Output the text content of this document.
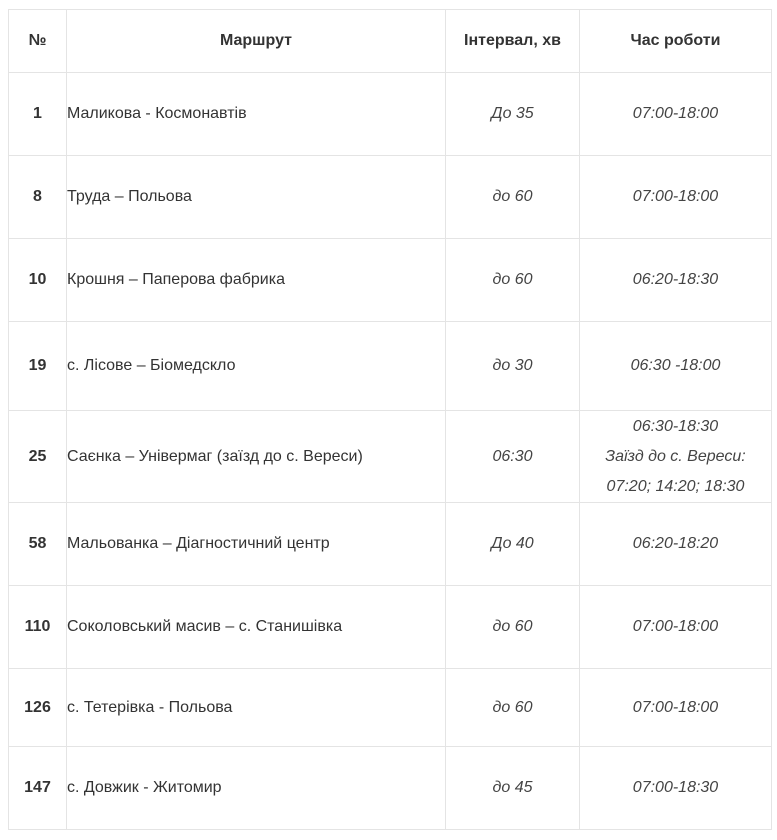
№	Маршрут	Інтервал, хв	Час роботи
1	Маликова - Космонавтів	До 35	07:00-18:00

8	Труда – Польова	до 60	07:00-18:00

10	Крошня – Паперова фабрика	до 60	06:20-18:30

19	с. Лісове – Біомедскло	до 30	06:30 -18:00

25	Саєнка – Універмаг (заїзд до с. Вереси)	06:30	06:30-18:30
Заїзд до с. Вереси:
07:20; 14:20; 18:30

58	Мальованка – Діагностичний центр	До 40	06:20-18:20

110	Соколовський масив – с. Станишівка	до 60	07:00-18:00

126	с. Тетерівка - Польова	до 60	07:00-18:00

147	с. Довжик - Житомир	до 45	07:00-18:30
